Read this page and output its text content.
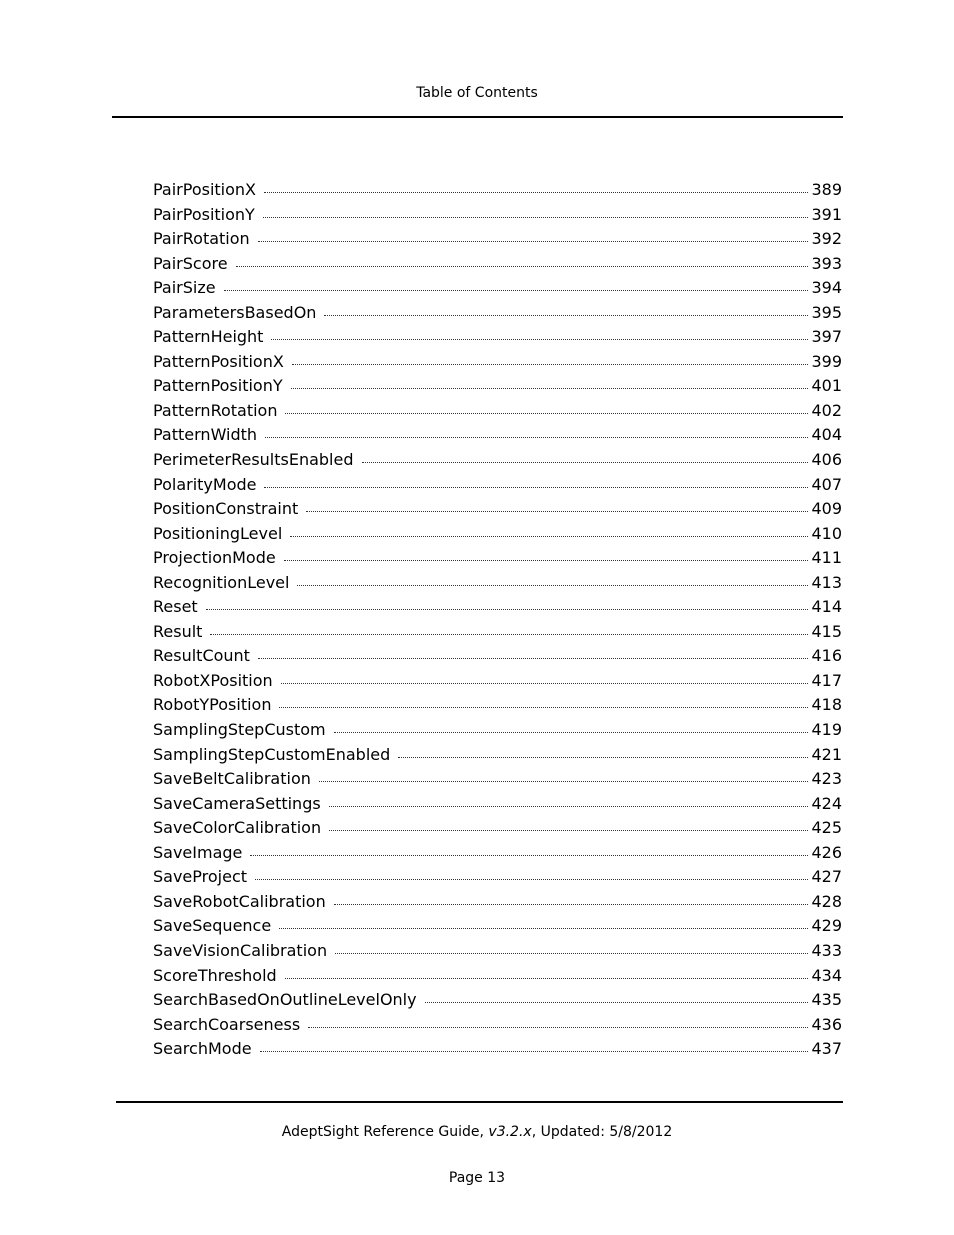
Table of Contents
PairPositionX	389
PairPositionY	391
PairRotation	392
PairScore	393
PairSize	394
ParametersBasedOn	395
PatternHeight	397
PatternPositionX	399
PatternPositionY	401
PatternRotation	402
PatternWidth	404
PerimeterResultsEnabled	406
PolarityMode	407
PositionConstraint	409
PositioningLevel	410
ProjectionMode	411
RecognitionLevel	413
Reset	414
Result	415
ResultCount	416
RobotXPosition	417
RobotYPosition	418
SamplingStepCustom	419
SamplingStepCustomEnabled	421
SaveBeltCalibration	423
SaveCameraSettings	424
SaveColorCalibration	425
SaveImage	426
SaveProject	427
SaveRobotCalibration	428
SaveSequence	429
SaveVisionCalibration	433
ScoreThreshold	434
SearchBasedOnOutlineLevelOnly	435
SearchCoarseness	436
SearchMode	437
AdeptSight Reference Guide, v3.2.x, Updated: 5/8/2012
Page 13
